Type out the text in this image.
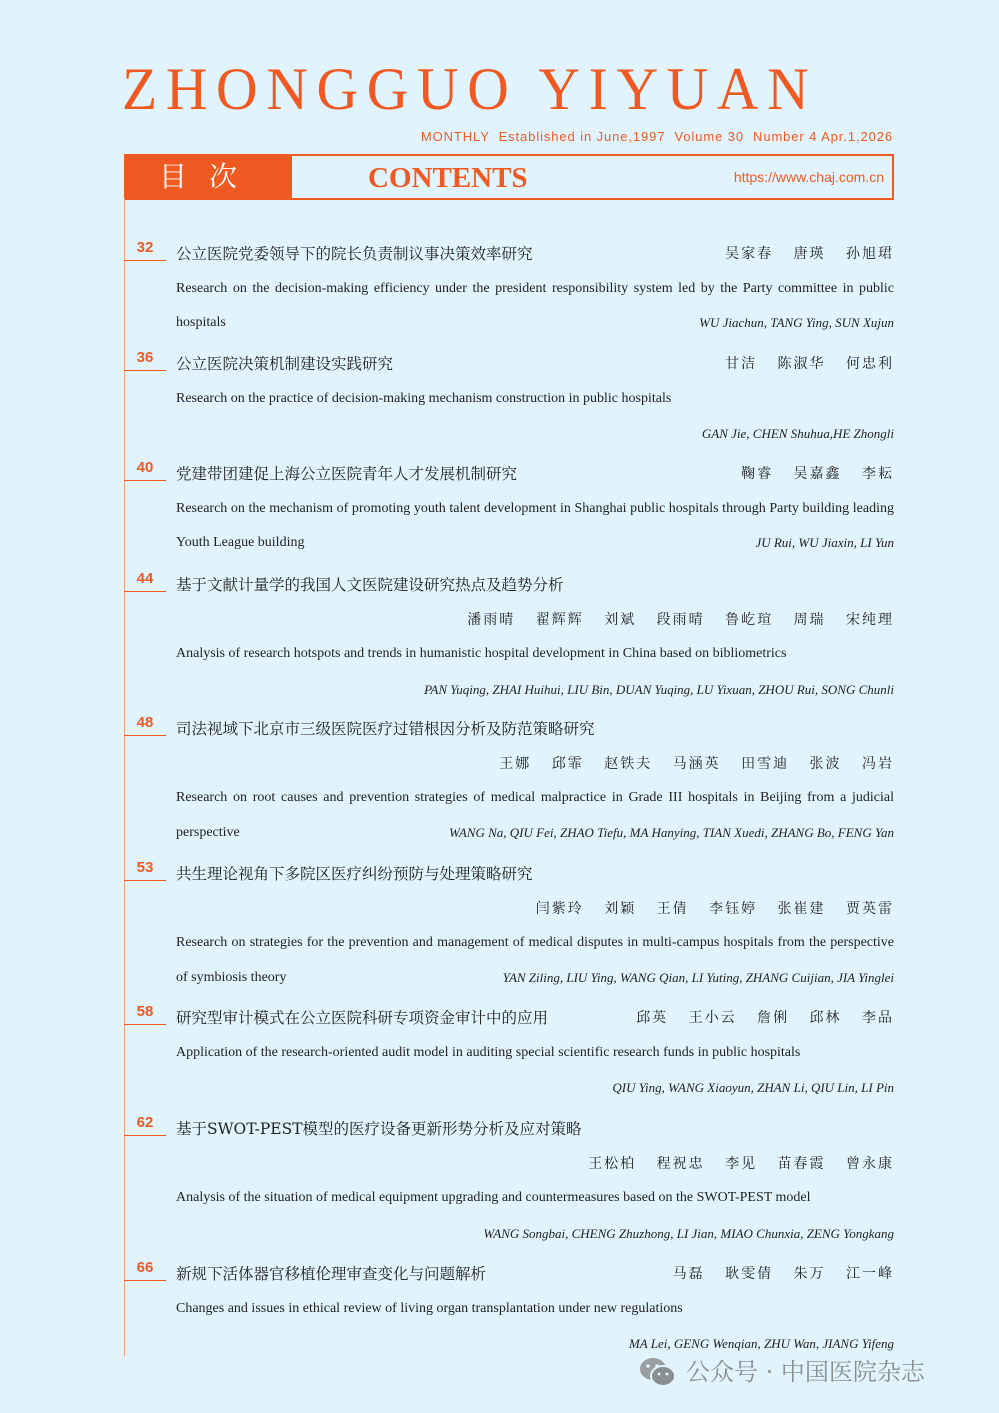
ZHONGGUO YIYUAN
MONTHLY  Established in June,1997  Volume 30  Number 4 Apr.1,2026
目次	CONTENTS	https://www.chaj.com.cn
32	公立医院党委领导下的院长负责制议事决策效率研究	吴家春 唐瑛 孙旭珺
Research on the decision-making efficiency under the president responsibility system led by the Party committee in public hospitals	WU Jiachun, TANG Ying, SUN Xujun
36	公立医院决策机制建设实践研究	甘洁 陈淑华 何忠利
Research on the practice of decision-making mechanism construction in public hospitals
GAN Jie, CHEN Shuhua,HE Zhongli
40	党建带团建促上海公立医院青年人才发展机制研究	鞠睿 吴嘉鑫 李耘
Research on the mechanism of promoting youth talent development in Shanghai public hospitals through Party building leading Youth League building	JU Rui, WU Jiaxin, LI Yun
44	基于文献计量学的我国人文医院建设研究热点及趋势分析
潘雨晴 翟辉辉 刘斌 段雨晴 鲁屹瑄 周瑞 宋纯理
Analysis of research hotspots and trends in humanistic hospital development in China based on bibliometrics
PAN Yuqing, ZHAI Huihui, LIU Bin, DUAN Yuqing, LU Yixuan, ZHOU Rui, SONG Chunli
48	司法视域下北京市三级医院医疗过错根因分析及防范策略研究
王娜 邱霏 赵铁夫 马涵英 田雪迪 张波 冯岩
Research on root causes and prevention strategies of medical malpractice in Grade III hospitals in Beijing from a judicial perspective	WANG Na, QIU Fei, ZHAO Tiefu, MA Hanying, TIAN Xuedi, ZHANG Bo, FENG Yan
53	共生理论视角下多院区医疗纠纷预防与处理策略研究
闫紫玲 刘颖 王倩 李钰婷 张崔建 贾英雷
Research on strategies for the prevention and management of medical disputes in multi-campus hospitals from the perspective of symbiosis theory	YAN Ziling, LIU Ying, WANG Qian, LI Yuting, ZHANG Cuijian, JIA Yinglei
58	研究型审计模式在公立医院科研专项资金审计中的应用	邱英 王小云 詹俐 邱林 李品
Application of the research-oriented audit model in auditing special scientific research funds in public hospitals
QIU Ying, WANG Xiaoyun, ZHAN Li, QIU Lin, LI Pin
62	基于SWOT-PEST模型的医疗设备更新形势分析及应对策略
王松柏 程祝忠 李见 苗春霞 曾永康
Analysis of the situation of medical equipment upgrading and countermeasures based on the SWOT-PEST model
WANG Songbai, CHENG Zhuzhong, LI Jian, MIAO Chunxia, ZENG Yongkang
66	新规下活体器官移植伦理审查变化与问题解析	马磊 耿雯倩 朱万 江一峰
Changes and issues in ethical review of living organ transplantation under new regulations
MA Lei, GENG Wenqian, ZHU Wan, JIANG Yifeng
公众号 · 中国医院杂志
